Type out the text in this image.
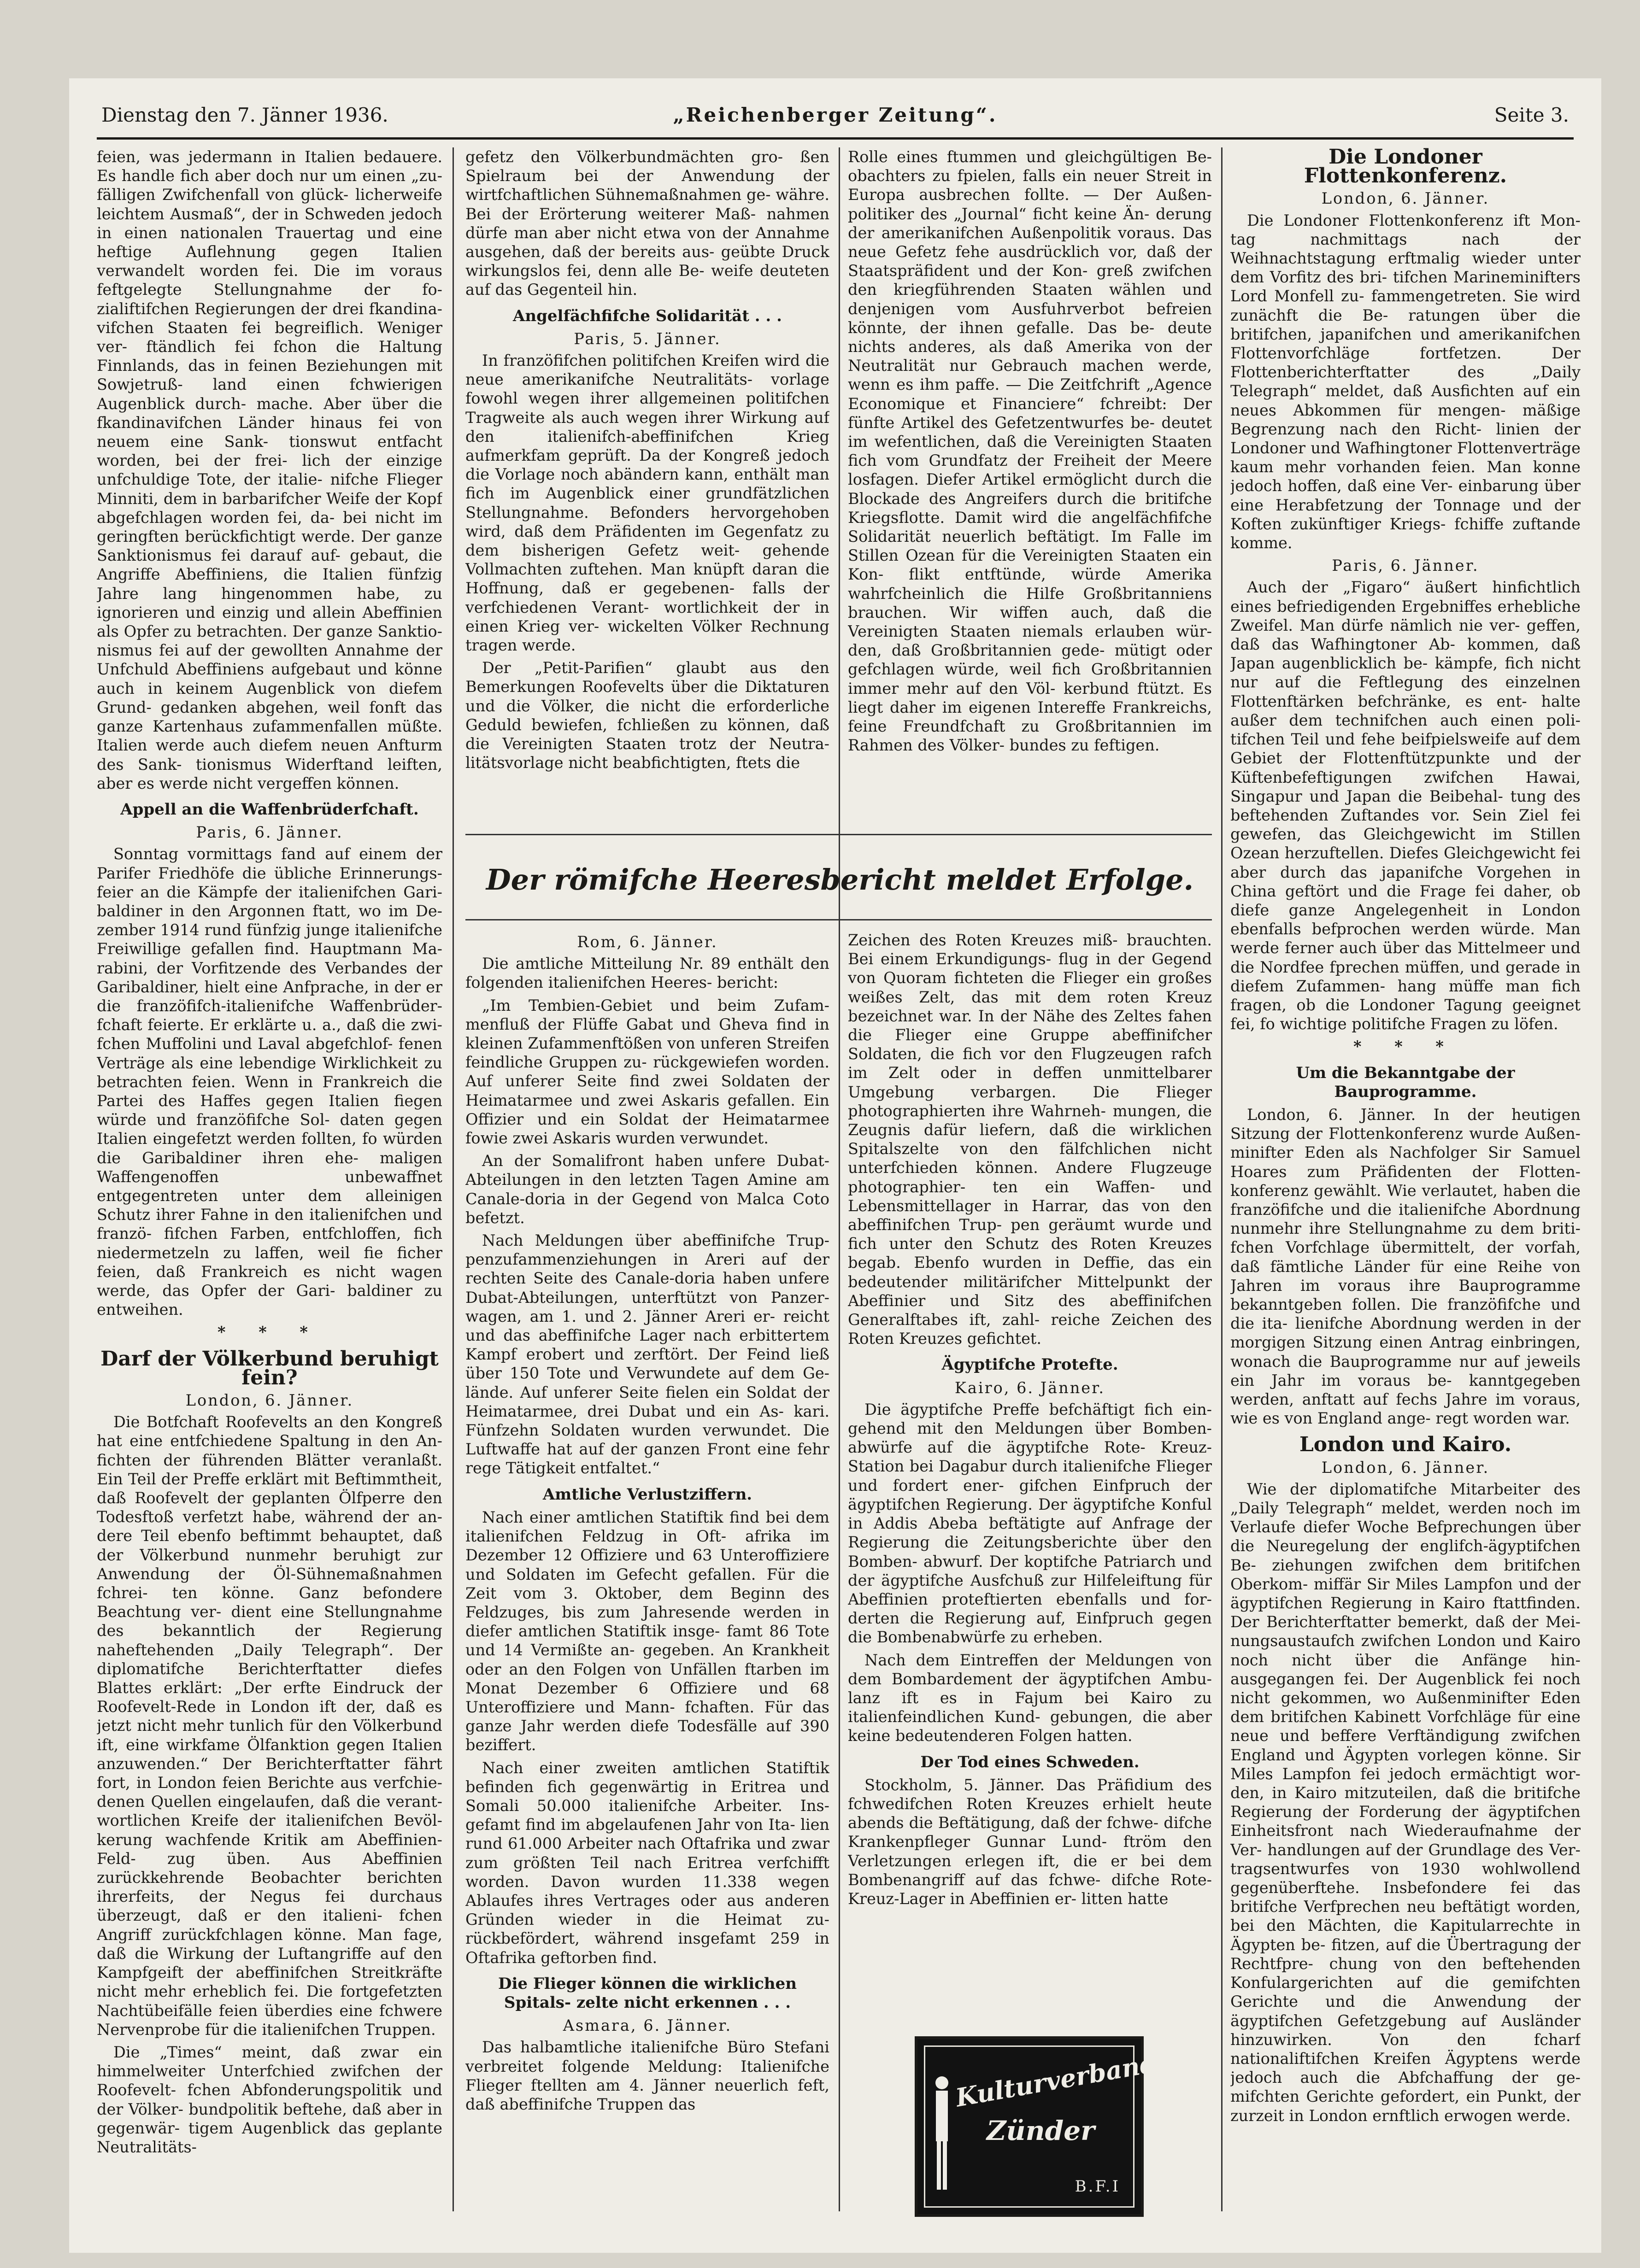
Dienstag den 7. Jänner 1936.	„Reichenberger Zeitung“.	Seite 3.

feien, was jedermann in Italien bedauere. Es handle fich aber doch nur um einen „zu- fälligen Zwifchenfall von glück- licherweife leichtem Ausmaß“, der in Schweden jedoch in einen nationalen Trauertag und eine heftige Auflehnung gegen Italien verwandelt worden fei. Die im voraus feftgelegte Stellungnahme der fo- zialiftifchen Regierungen der drei fkandina- vifchen Staaten fei begreiflich. Weniger ver- ftändlich fei fchon die Haltung Finnlands, das in feinen Beziehungen mit Sowjetruß- land einen fchwierigen Augenblick durch- mache. Aber über die fkandinavifchen Länder hinaus fei von neuem eine Sank- tionswut entfacht worden, bei der frei- lich der einzige unfchuldige Tote, der italie- nifche Flieger Minniti, dem in barbarifcher Weife der Kopf abgefchlagen worden fei, da- bei nicht im geringften berückfichtigt werde. Der ganze Sanktionismus fei darauf auf- gebaut, die Angriffe Abeffiniens, die Italien fünfzig Jahre lang hingenommen habe, zu ignorieren und einzig und allein Abeffinien als Opfer zu betrachten. Der ganze Sanktio- nismus fei auf der gewollten Annahme der Unfchuld Abeffiniens aufgebaut und könne auch in keinem Augenblick von diefem Grund- gedanken abgehen, weil fonft das ganze Kartenhaus zufammenfallen müßte. Italien werde auch diefem neuen Anfturm des Sank- tionismus Widerftand leiften, aber es werde nicht vergeffen können.

Appell an die Waffenbrüderfchaft.
Paris, 6. Jänner.

Sonntag vormittags fand auf einem der Parifer Friedhöfe die übliche Erinnerungs- feier an die Kämpfe der italienifchen Gari- baldiner in den Argonnen ftatt, wo im De- zember 1914 rund fünfzig junge italienifche Freiwillige gefallen find. Hauptmann Ma- rabini, der Vorfitzende des Verbandes der Garibaldiner, hielt eine Anfprache, in der er die franzöfifch-italienifche Waffenbrüder- fchaft feierte. Er erklärte u. a., daß die zwi- fchen Muffolini und Laval abgefchlof- fenen Verträge als eine lebendige Wirklichkeit zu betrachten feien. Wenn in Frankreich die Partei des Haffes gegen Italien fiegen würde und franzöfifche Sol- daten gegen Italien eingefetzt werden follten, fo würden die Garibaldiner ihren ehe- maligen Waffengenoffen unbewaffnet entgegentreten unter dem alleinigen Schutz ihrer Fahne in den italienifchen und franzö- fifchen Farben, entfchloffen, fich niedermetzeln zu laffen, weil fie ficher feien, daß Frankreich es nicht wagen werde, das Opfer der Gari- baldiner zu entweihen.

* * *
Darf der Völkerbund beruhigt fein?
London, 6. Jänner.

Die Botfchaft Roofevelts an den Kongreß hat eine entfchiedene Spaltung in den An- fichten der führenden Blätter veranlaßt. Ein Teil der Preffe erklärt mit Beftimmtheit, daß Roofevelt der geplanten Ölfperre den Todesftoß verfetzt habe, während der an- dere Teil ebenfo beftimmt behauptet, daß der Völkerbund nunmehr beruhigt zur Anwendung der Öl-Sühnemaßnahmen fchrei- ten könne. Ganz befondere Beachtung ver- dient eine Stellungnahme des bekanntlich der Regierung naheftehenden „Daily Telegraph“. Der diplomatifche Berichterftatter diefes Blattes erklärt: „Der erfte Eindruck der Roofevelt-Rede in London ift der, daß es jetzt nicht mehr tunlich für den Völkerbund ift, eine wirkfame Ölfanktion gegen Italien anzuwenden.“ Der Berichterftatter fährt fort, in London feien Berichte aus verfchie- denen Quellen eingelaufen, daß die verant- wortlichen Kreife der italienifchen Bevöl- kerung wachfende Kritik am Abeffinien-Feld- zug üben. Aus Abeffinien zurückkehrende Beobachter berichten ihrerfeits, der Negus fei durchaus überzeugt, daß er den italieni- fchen Angriff zurückfchlagen könne. Man fage, daß die Wirkung der Luftangriffe auf den Kampfgeift der abeffinifchen Streitkräfte nicht mehr erheblich fei. Die fortgefetzten Nachtübeifälle feien überdies eine fchwere Nervenprobe für die italienifchen Truppen.

Die „Times“ meint, daß zwar ein himmelweiter Unterfchied zwifchen der Roofevelt- fchen Abfonderungspolitik und der Völker- bundpolitik beftehe, daß aber in gegenwär- tigem Augenblick das geplante Neutralitäts-

gefetz den Völkerbundmächten gro- ßen Spielraum bei der Anwendung der wirtfchaftlichen Sühnemaßnahmen ge- währe. Bei der Erörterung weiterer Maß- nahmen dürfe man aber nicht etwa von der Annahme ausgehen, daß der bereits aus- geübte Druck wirkungslos fei, denn alle Be- weife deuteten auf das Gegenteil hin.

Angelfächfifche Solidarität . . .
Paris, 5. Jänner.

In franzöfifchen politifchen Kreifen wird die neue amerikanifche Neutralitäts- vorlage fowohl wegen ihrer allgemeinen politifchen Tragweite als auch wegen ihrer Wirkung auf den italienifch-abeffinifchen Krieg aufmerkfam geprüft. Da der Kongreß jedoch die Vorlage noch abändern kann, enthält man fich im Augenblick einer grundfätzlichen Stellungnahme. Befonders hervorgehoben wird, daß dem Präfidenten im Gegenfatz zu dem bisherigen Gefetz weit- gehende Vollmachten zuftehen. Man knüpft daran die Hoffnung, daß er gegebenen- falls der verfchiedenen Verant- wortlichkeit der in einen Krieg ver- wickelten Völker Rechnung tragen werde.

Der „Petit-Parifien“ glaubt aus den Bemerkungen Roofevelts über die Diktaturen und die Völker, die nicht die erforderliche Geduld bewiefen, fchließen zu können, daß die Vereinigten Staaten trotz der Neutra- litätsvorlage nicht beabfichtigten, ftets die

Rolle eines ftummen und gleichgültigen Be- obachters zu fpielen, falls ein neuer Streit in Europa ausbrechen follte. — Der Außen- politiker des „Journal“ ficht keine Än- derung der amerikanifchen Außenpolitik voraus. Das neue Gefetz fehe ausdrücklich vor, daß der Staatspräfident und der Kon- greß zwifchen den kriegführenden Staaten wählen und denjenigen vom Ausfuhrverbot befreien könnte, der ihnen gefalle. Das be- deute nichts anderes, als daß Amerika von der Neutralität nur Gebrauch machen werde, wenn es ihm paffe. — Die Zeitfchrift „Agence Economique et Financiere“ fchreibt: Der fünfte Artikel des Gefetzentwurfes be- deutet im wefentlichen, daß die Vereinigten Staaten fich vom Grundfatz der Freiheit der Meere losfagen. Diefer Artikel ermöglicht durch die Blockade des Angreifers durch die britifche Kriegsflotte. Damit wird die angelfächfifche Solidarität neuerlich beftätigt. Im Falle im Stillen Ozean für die Vereinigten Staaten ein Kon- flikt entftünde, würde Amerika wahrfcheinlich die Hilfe Großbritanniens brauchen. Wir wiffen auch, daß die Vereinigten Staaten niemals erlauben wür- den, daß Großbritannien gede- mütigt oder gefchlagen würde, weil fich Großbritannien immer mehr auf den Völ- kerbund ftützt. Es liegt daher im eigenen Intereffe Frankreichs, feine Freundfchaft zu Großbritannien im Rahmen des Völker- bundes zu feftigen.

Der römifche Heeresbericht meldet Erfolge.
Rom, 6. Jänner.

Die amtliche Mitteilung Nr. 89 enthält den folgenden italienifchen Heeres- bericht:

„Im Tembien-Gebiet und beim Zufam- menfluß der Flüffe Gabat und Gheva find in kleinen Zufammenftößen von unferen Streifen feindliche Gruppen zu- rückgewiefen worden. Auf unferer Seite find zwei Soldaten der Heimatarmee und zwei Askaris gefallen. Ein Offizier und ein Soldat der Heimatarmee fowie zwei Askaris wurden verwundet.

An der Somalifront haben unfere Dubat-Abteilungen in den letzten Tagen Amine am Canale-doria in der Gegend von Malca Coto befetzt.

Nach Meldungen über abeffinifche Trup- penzufammenziehungen in Areri auf der rechten Seite des Canale-doria haben unfere Dubat-Abteilungen, unterftützt von Panzer- wagen, am 1. und 2. Jänner Areri er- reicht und das abeffinifche Lager nach erbittertem Kampf erobert und zerftört. Der Feind ließ über 150 Tote und Verwundete auf dem Ge- lände. Auf unferer Seite fielen ein Soldat der Heimatarmee, drei Dubat und ein As- kari. Fünfzehn Soldaten wurden verwundet. Die Luftwaffe hat auf der ganzen Front eine fehr rege Tätigkeit entfaltet.“

Amtliche Verlustziffern.

Nach einer amtlichen Statiftik find bei dem italienifchen Feldzug in Oft- afrika im Dezember 12 Offiziere und 63 Unteroffiziere und Soldaten im Gefecht gefallen. Für die Zeit vom 3. Oktober, dem Beginn des Feldzuges, bis zum Jahresende werden in diefer amtlichen Statiftik insge- famt 86 Tote und 14 Vermißte an- gegeben. An Krankheit oder an den Folgen von Unfällen ftarben im Monat Dezember 6 Offiziere und 68 Unteroffiziere und Mann- fchaften. Für das ganze Jahr werden diefe Todesfälle auf 390 beziffert.

Nach einer zweiten amtlichen Statiftik befinden fich gegenwärtig in Eritrea und Somali 50.000 italienifche Arbeiter. Ins- gefamt find im abgelaufenen Jahr von Ita- lien rund 61.000 Arbeiter nach Oftafrika und zwar zum größten Teil nach Eritrea verfchifft worden. Davon wurden 11.338 wegen Ablaufes ihres Vertrages oder aus anderen Gründen wieder in die Heimat zu- rückbefördert, während insgefamt 259 in Oftafrika geftorben find.

Die Flieger können die wirklichen Spitals- zelte nicht erkennen . . .
Asmara, 6. Jänner.

Das halbamtliche italienifche Büro Stefani verbreitet folgende Meldung: Italienifche Flieger ftellten am 4. Jänner neuerlich feft, daß abeffinifche Truppen das

Zeichen des Roten Kreuzes miß- brauchten. Bei einem Erkundigungs- flug in der Gegend von Quoram fichteten die Flieger ein großes weißes Zelt, das mit dem roten Kreuz bezeichnet war. In der Nähe des Zeltes fahen die Flieger eine Gruppe abeffinifcher Soldaten, die fich vor den Flugzeugen rafch im Zelt oder in deffen unmittelbarer Umgebung verbargen. Die Flieger photographierten ihre Wahrneh- mungen, die Zeugnis dafür liefern, daß die wirklichen Spitalszelte von den fälfchlichen nicht unterfchieden können. Andere Flugzeuge photographier- ten ein Waffen- und Lebensmittellager in Harrar, das von den abeffinifchen Trup- pen geräumt wurde und fich unter den Schutz des Roten Kreuzes begab. Ebenfo wurden in Deffie, das ein bedeutender militärifcher Mittelpunkt der Abeffinier und Sitz des abeffinifchen Generalftabes ift, zahl- reiche Zeichen des Roten Kreuzes gefichtet.

Ägyptifche Protefte.
Kairo, 6. Jänner.

Die ägyptifche Preffe befchäftigt fich ein- gehend mit den Meldungen über Bomben- abwürfe auf die ägyptifche Rote- Kreuz-Station bei Dagabur durch italienifche Flieger und fordert ener- gifchen Einfpruch der ägyptifchen Regierung. Der ägyptifche Konful in Addis Abeba beftätigte auf Anfrage der Regierung die Zeitungsberichte über den Bomben- abwurf. Der koptifche Patriarch und der ägyptifche Ausfchuß zur Hilfeleiftung für Abeffinien proteftierten ebenfalls und for- derten die Regierung auf, Einfpruch gegen die Bombenabwürfe zu erheben.

Nach dem Eintreffen der Meldungen von dem Bombardement der ägyptifchen Ambu- lanz ift es in Fajum bei Kairo zu italienfeindlichen Kund- gebungen, die aber keine bedeutenderen Folgen hatten.

Der Tod eines Schweden.

Stockholm, 5. Jänner. Das Präfidium des fchwedifchen Roten Kreuzes erhielt heute abends die Beftätigung, daß der fchwe- difche Krankenpfleger Gunnar Lund- ftröm den Verletzungen erlegen ift, die er bei dem Bombenangriff auf das fchwe- difche Rote-Kreuz-Lager in Abeffinien er- litten hatte

Kulturverbands
Zünder
B.F.I
Die Londoner Flottenkonferenz.
London, 6. Jänner.

Die Londoner Flottenkonferenz ift Mon- tag nachmittags nach der Weihnachtstagung erftmalig wieder unter dem Vorfitz des bri- tifchen Marineminifters Lord Monfell zu- fammengetreten. Sie wird zunächft die Be- ratungen über die britifchen, japanifchen und amerikanifchen Flottenvorfchläge fortfetzen. Der Flottenberichterftatter des „Daily Telegraph“ meldet, daß Ausfichten auf ein neues Abkommen für mengen- mäßige Begrenzung nach den Richt- linien der Londoner und Wafhingtoner Flottenverträge kaum mehr vorhanden feien. Man konne jedoch hoffen, daß eine Ver- einbarung über eine Herabfetzung der Tonnage und der Koften zukünftiger Kriegs- fchiffe zuftande komme.

Paris, 6. Jänner.

Auch der „Figaro“ äußert hinfichtlich eines befriedigenden Ergebniffes erhebliche Zweifel. Man dürfe nämlich nie ver- geffen, daß das Wafhingtoner Ab- kommen, daß Japan augenblicklich be- kämpfe, fich nicht nur auf die Feftlegung des einzelnen Flottenftärken befchränke, es ent- halte außer dem technifchen auch einen poli- tifchen Teil und fehe beifpielsweife auf dem Gebiet der Flottenftützpunkte und der Küftenbefeftigungen zwifchen Hawai, Singapur und Japan die Beibehal- tung des beftehenden Zuftandes vor. Sein Ziel fei gewefen, das Gleichgewicht im Stillen Ozean herzuftellen. Diefes Gleichgewicht fei aber durch das japanifche Vorgehen in China geftört und die Frage fei daher, ob diefe ganze Angelegenheit in London ebenfalls befprochen werden würde. Man werde ferner auch über das Mittelmeer und die Nordfee fprechen müffen, und gerade in diefem Zufammen- hang müffe man fich fragen, ob die Londoner Tagung geeignet fei, fo wichtige politifche Fragen zu löfen.

* * *
Um die Bekanntgabe der Bauprogramme.

London, 6. Jänner. In der heutigen Sitzung der Flottenkonferenz wurde Außen- minifter Eden als Nachfolger Sir Samuel Hoares zum Präfidenten der Flotten- konferenz gewählt. Wie verlautet, haben die franzöfifche und die italienifche Abordnung nunmehr ihre Stellungnahme zu dem briti- fchen Vorfchlage übermittelt, der vorfah, daß fämtliche Länder für eine Reihe von Jahren im voraus ihre Bauprogramme bekanntgeben follen. Die franzöfifche und die ita- lienifche Abordnung werden in der morgigen Sitzung einen Antrag einbringen, wonach die Bauprogramme nur auf jeweils ein Jahr im voraus be- kanntgegeben werden, anftatt auf fechs Jahre im voraus, wie es von England ange- regt worden war.

London und Kairo.
London, 6. Jänner.

Wie der diplomatifche Mitarbeiter des „Daily Telegraph“ meldet, werden noch im Verlaufe diefer Woche Befprechungen über die Neuregelung der englifch-ägyptifchen Be- ziehungen zwifchen dem britifchen Oberkom- miffär Sir Miles Lampfon und der ägyptifchen Regierung in Kairo ftattfinden. Der Berichterftatter bemerkt, daß der Mei- nungsaustaufch zwifchen London und Kairo noch nicht über die Anfänge hin- ausgegangen fei. Der Augenblick fei noch nicht gekommen, wo Außenminifter Eden dem britifchen Kabinett Vorfchläge für eine neue und beffere Verftändigung zwifchen England und Ägypten vorlegen könne. Sir Miles Lampfon fei jedoch ermächtigt wor- den, in Kairo mitzuteilen, daß die britifche Regierung der Forderung der ägyptifchen Einheitsfront nach Wiederaufnahme der Ver- handlungen auf der Grundlage des Ver- tragsentwurfes von 1930 wohlwollend gegenüberftehe. Insbefondere fei das britifche Verfprechen neu beftätigt worden, bei den Mächten, die Kapitularrechte in Ägypten be- fitzen, auf die Übertragung der Rechtfpre- chung von den beftehenden Konfulargerichten auf die gemifchten Gerichte und die Anwendung der ägyptifchen Gefetzgebung auf Ausländer hinzuwirken. Von den fcharf nationaliftifchen Kreifen Ägyptens werde jedoch auch die Abfchaffung der ge- mifchten Gerichte gefordert, ein Punkt, der zurzeit in London ernftlich erwogen werde.
